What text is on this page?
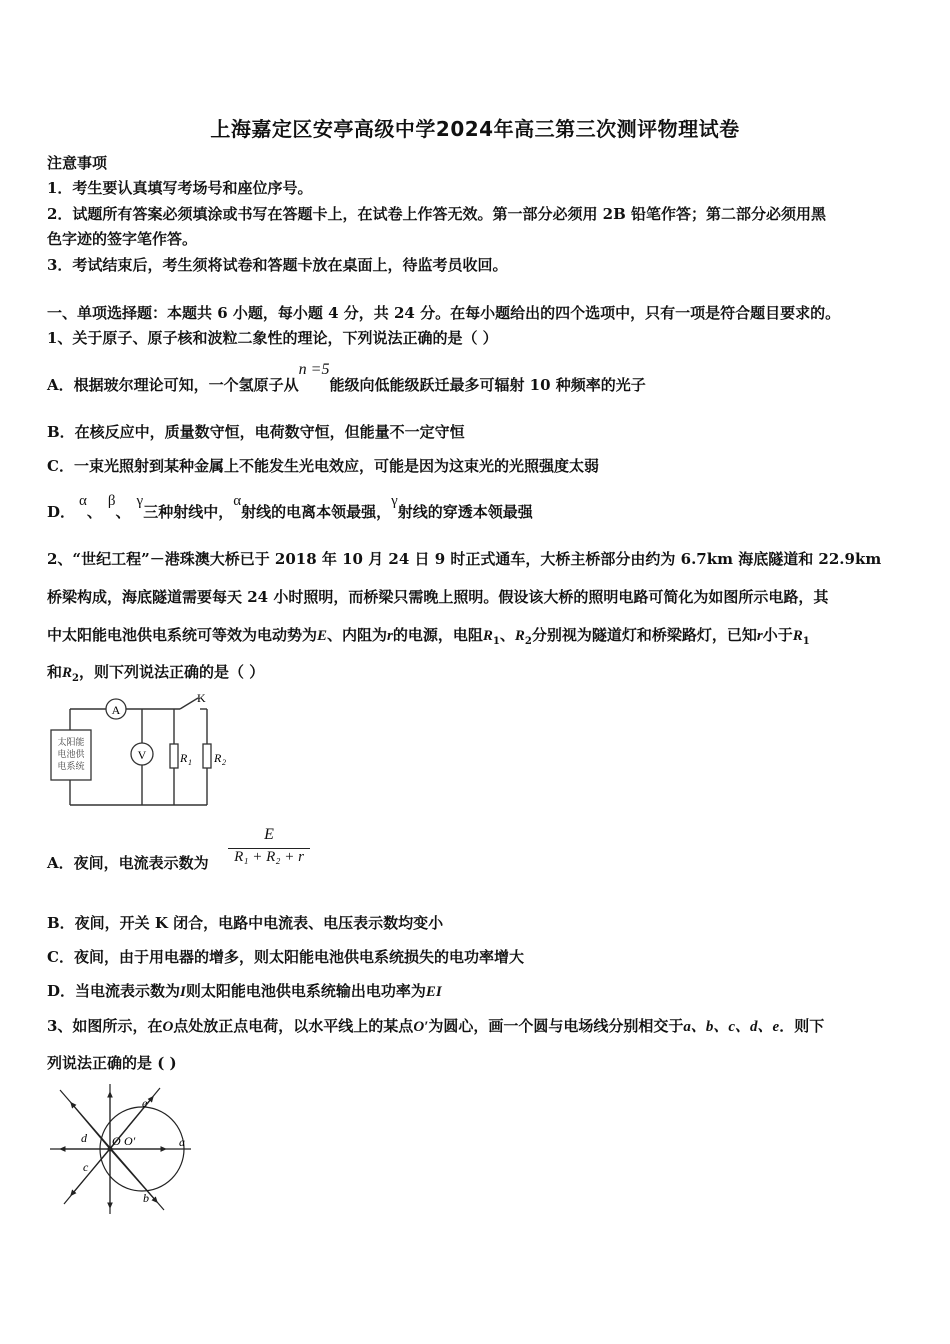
上海嘉定区安亭高级中学2024年高三第三次测评物理试卷
注意事项
1．考生要认真填写考场号和座位序号。
2．试题所有答案必须填涂或书写在答题卡上，在试卷上作答无效。第一部分必须用 2B 铅笔作答；第二部分必须用黑
色字迹的签字笔作答。
3．考试结束后，考生须将试卷和答题卡放在桌面上，待监考员收回。
一、单项选择题：本题共 6 小题，每小题 4 分，共 24 分。在每小题给出的四个选项中，只有一项是符合题目要求的。
1、关于原子、原子核和波粒二象性的理论，下列说法正确的是（ ）
A．根据玻尔理论可知，一个氢原子从n =5能级向低能级跃迁最多可辐射 10 种频率的光子
B．在核反应中，质量数守恒，电荷数守恒，但能量不一定守恒
C．一束光照射到某种金属上不能发生光电效应，可能是因为这束光的光照强度太弱
D．α、β、γ三种射线中，α射线的电离本领最强，γ射线的穿透本领最强
2、“世纪工程”－港珠澳大桥已于 2018 年 10 月 24 日 9 时正式通车，大桥主桥部分由约为 6.7km 海底隧道和 22.9km
桥梁构成，海底隧道需要每天 24 小时照明，而桥梁只需晚上照明。假设该大桥的照明电路可简化为如图所示电路，其
中太阳能电池供电系统可等效为电动势为E、内阻为r的电源，电阻$R_1$、$R_2$分别视为隧道灯和桥梁路灯，已知r小于$R_1$
和$R_2$，则下列说法正确的是（ ）
太阳能
电池供
电系统
A
V	R 1 R 2
K
A．夜间，电流表示数为
E
R₁ + R₂ + r
B．夜间，开关 K 闭合，电路中电流表、电压表示数均变小
C．夜间，由于用电器的增多，则太阳能电池供电系统损失的电功率增大
D．当电流表示数为I则太阳能电池供电系统输出电功率为EI
3、如图所示，在O点处放正点电荷，以水平线上的某点O′为圆心，画一个圆与电场线分别相交于a、b、c、d、e．则下
列说法正确的是 ( )
O O′	a
b
c
d
e
